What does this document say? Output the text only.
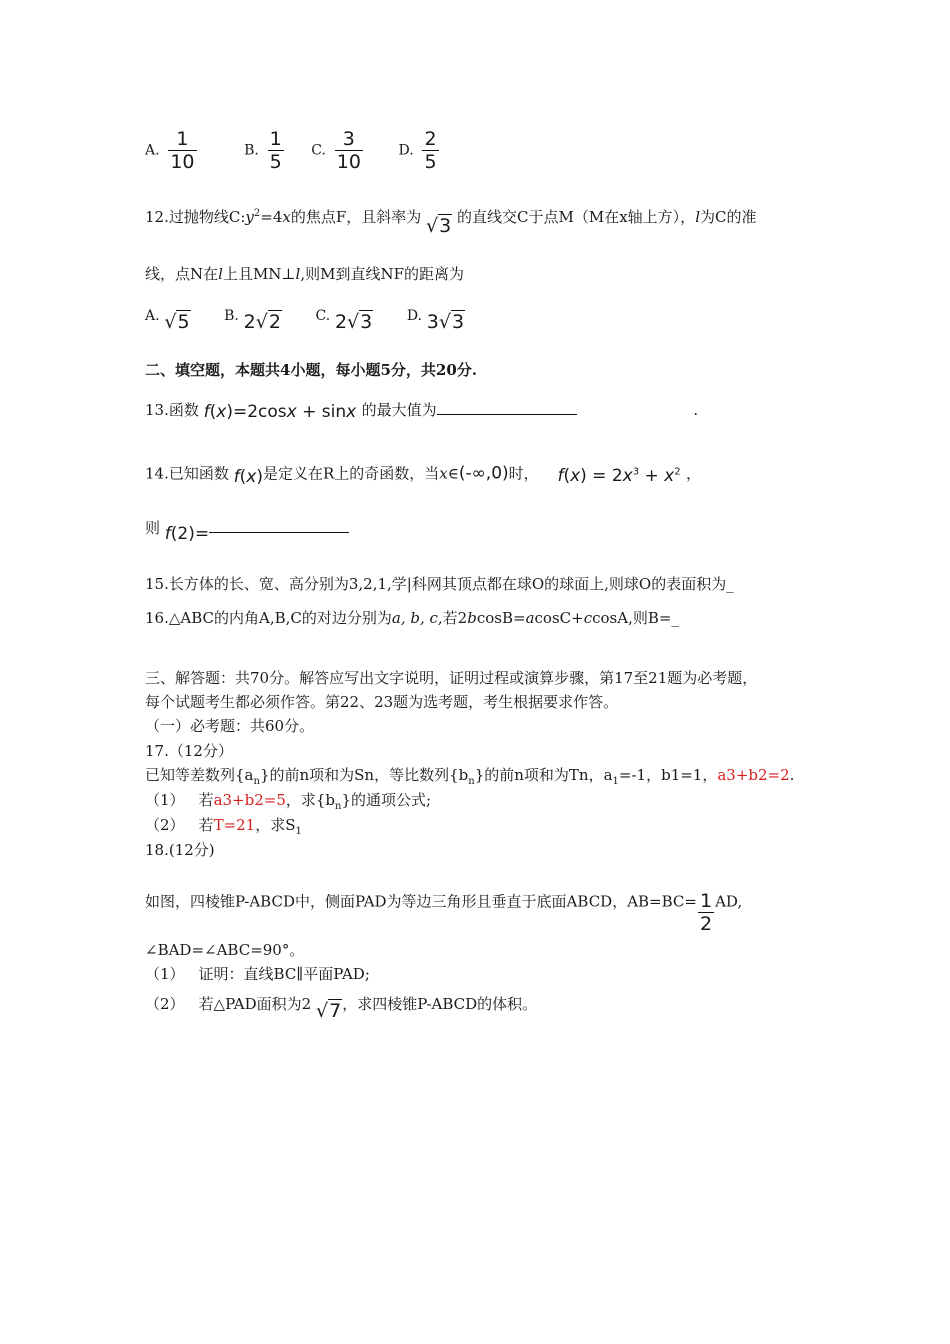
A. $\frac{1}{10}$	B. $\frac{1}{5} C$. $\frac{3}{10}$	D. $\frac{2}{5}$
12.过抛物线$C:y^2=4x$的焦点F，且斜率为 √3 的直线交C于点M（M在x轴上方），l为C的准
线，点N在l上且MN⊥l,则M到直线NF的距离为
A. √5 B. 2√2 C. 2√3 D. 3√3
二、填空题，本题共4小题，每小题5分，共20分.
13.函数 f(x)=2cosx + sinx 的最大值为	.
14.已知函数 f(x)是定义在R上的奇函数，当x∈(-∞,0)时， $f(x) = 2x^3 + x^2$ ，
则 f(2)=
15.长方体的长、宽、高分别为3,2,1,学|科网其顶点都在球O的球面上,则球O的表面积为_
16.△ABC的内角A,B,C的对边分别为a, b, c,若2bcosB=acosC+ccosA,则B=_
三、解答题：共70分。解答应写出文字说明，证明过程或演算步骤，第17至21题为必考题，
每个试题考生都必须作答。第22、23题为选考题，考生根据要求作答。
（一）必考题：共60分。
17.（12分）
已知等差数列$\{a_n\}$的前n项和为Sn，等比数列$\{b_n\}$的前n项和为Tn，$a_1=-1$，b1=1，a3+b2=2.
（1） 若a3+b2=5，求$\{b_n\}$的通项公式;
（2） 若T=21，求$S_1$
18.(12分)
如图，四棱锥P-ABCD中，侧面PAD为等边三角形且垂直于底面ABCD，$AB=BC= \frac{1}{2}$ AD,
∠BAD=∠ABC=90°。
（1） 证明：直线BC∥平面PAD;
（2） 若△PAD面积为2 √7，求四棱锥P-ABCD的体积。
